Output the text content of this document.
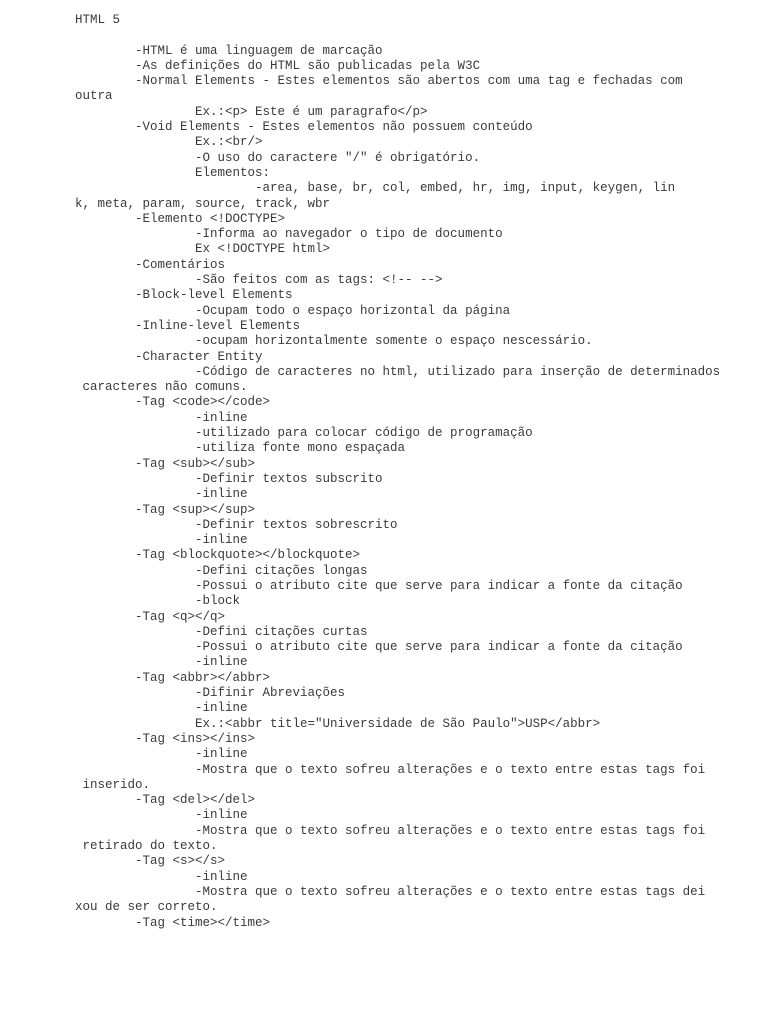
HTML 5
-HTML é uma linguagem de marcação
-As definições do HTML são publicadas pela W3C
-Normal Elements - Estes elementos são abertos com uma tag e fechadas com
outra
Ex.:<p> Este é um paragrafo</p>
-Void Elements - Estes elementos não possuem conteúdo
Ex.:<br/>
-O uso do caractere "/" é obrigatório.
Elementos:
-area, base, br, col, embed, hr, img, input, keygen, lin
k, meta, param, source, track, wbr
-Elemento <!DOCTYPE>
-Informa ao navegador o tipo de documento
Ex <!DOCTYPE html>
-Comentários
-São feitos com as tags: <!-- -->
-Block-level Elements
-Ocupam todo o espaço horizontal da página
-Inline-level Elements
-ocupam horizontalmente somente o espaço nescessário.
-Character Entity
-Código de caracteres no html, utilizado para inserção de determinados
caracteres não comuns.
-Tag <code></code>
-inline
-utilizado para colocar código de programação
-utiliza fonte mono espaçada
-Tag <sub></sub>
-Definir textos subscrito
-inline
-Tag <sup></sup>
-Definir textos sobrescrito
-inline
-Tag <blockquote></blockquote>
-Defini citações longas
-Possui o atributo cite que serve para indicar a fonte da citação
-block
-Tag <q></q>
-Defini citações curtas
-Possui o atributo cite que serve para indicar a fonte da citação
-inline
-Tag <abbr></abbr>
-Difinir Abreviações
-inline
Ex.:<abbr title="Universidade de São Paulo">USP</abbr>
-Tag <ins></ins>
-inline
-Mostra que o texto sofreu alterações e o texto entre estas tags foi
inserido.
-Tag <del></del>
-inline
-Mostra que o texto sofreu alterações e o texto entre estas tags foi
retirado do texto.
-Tag <s></s>
-inline
-Mostra que o texto sofreu alterações e o texto entre estas tags dei
xou de ser correto.
-Tag <time></time>
